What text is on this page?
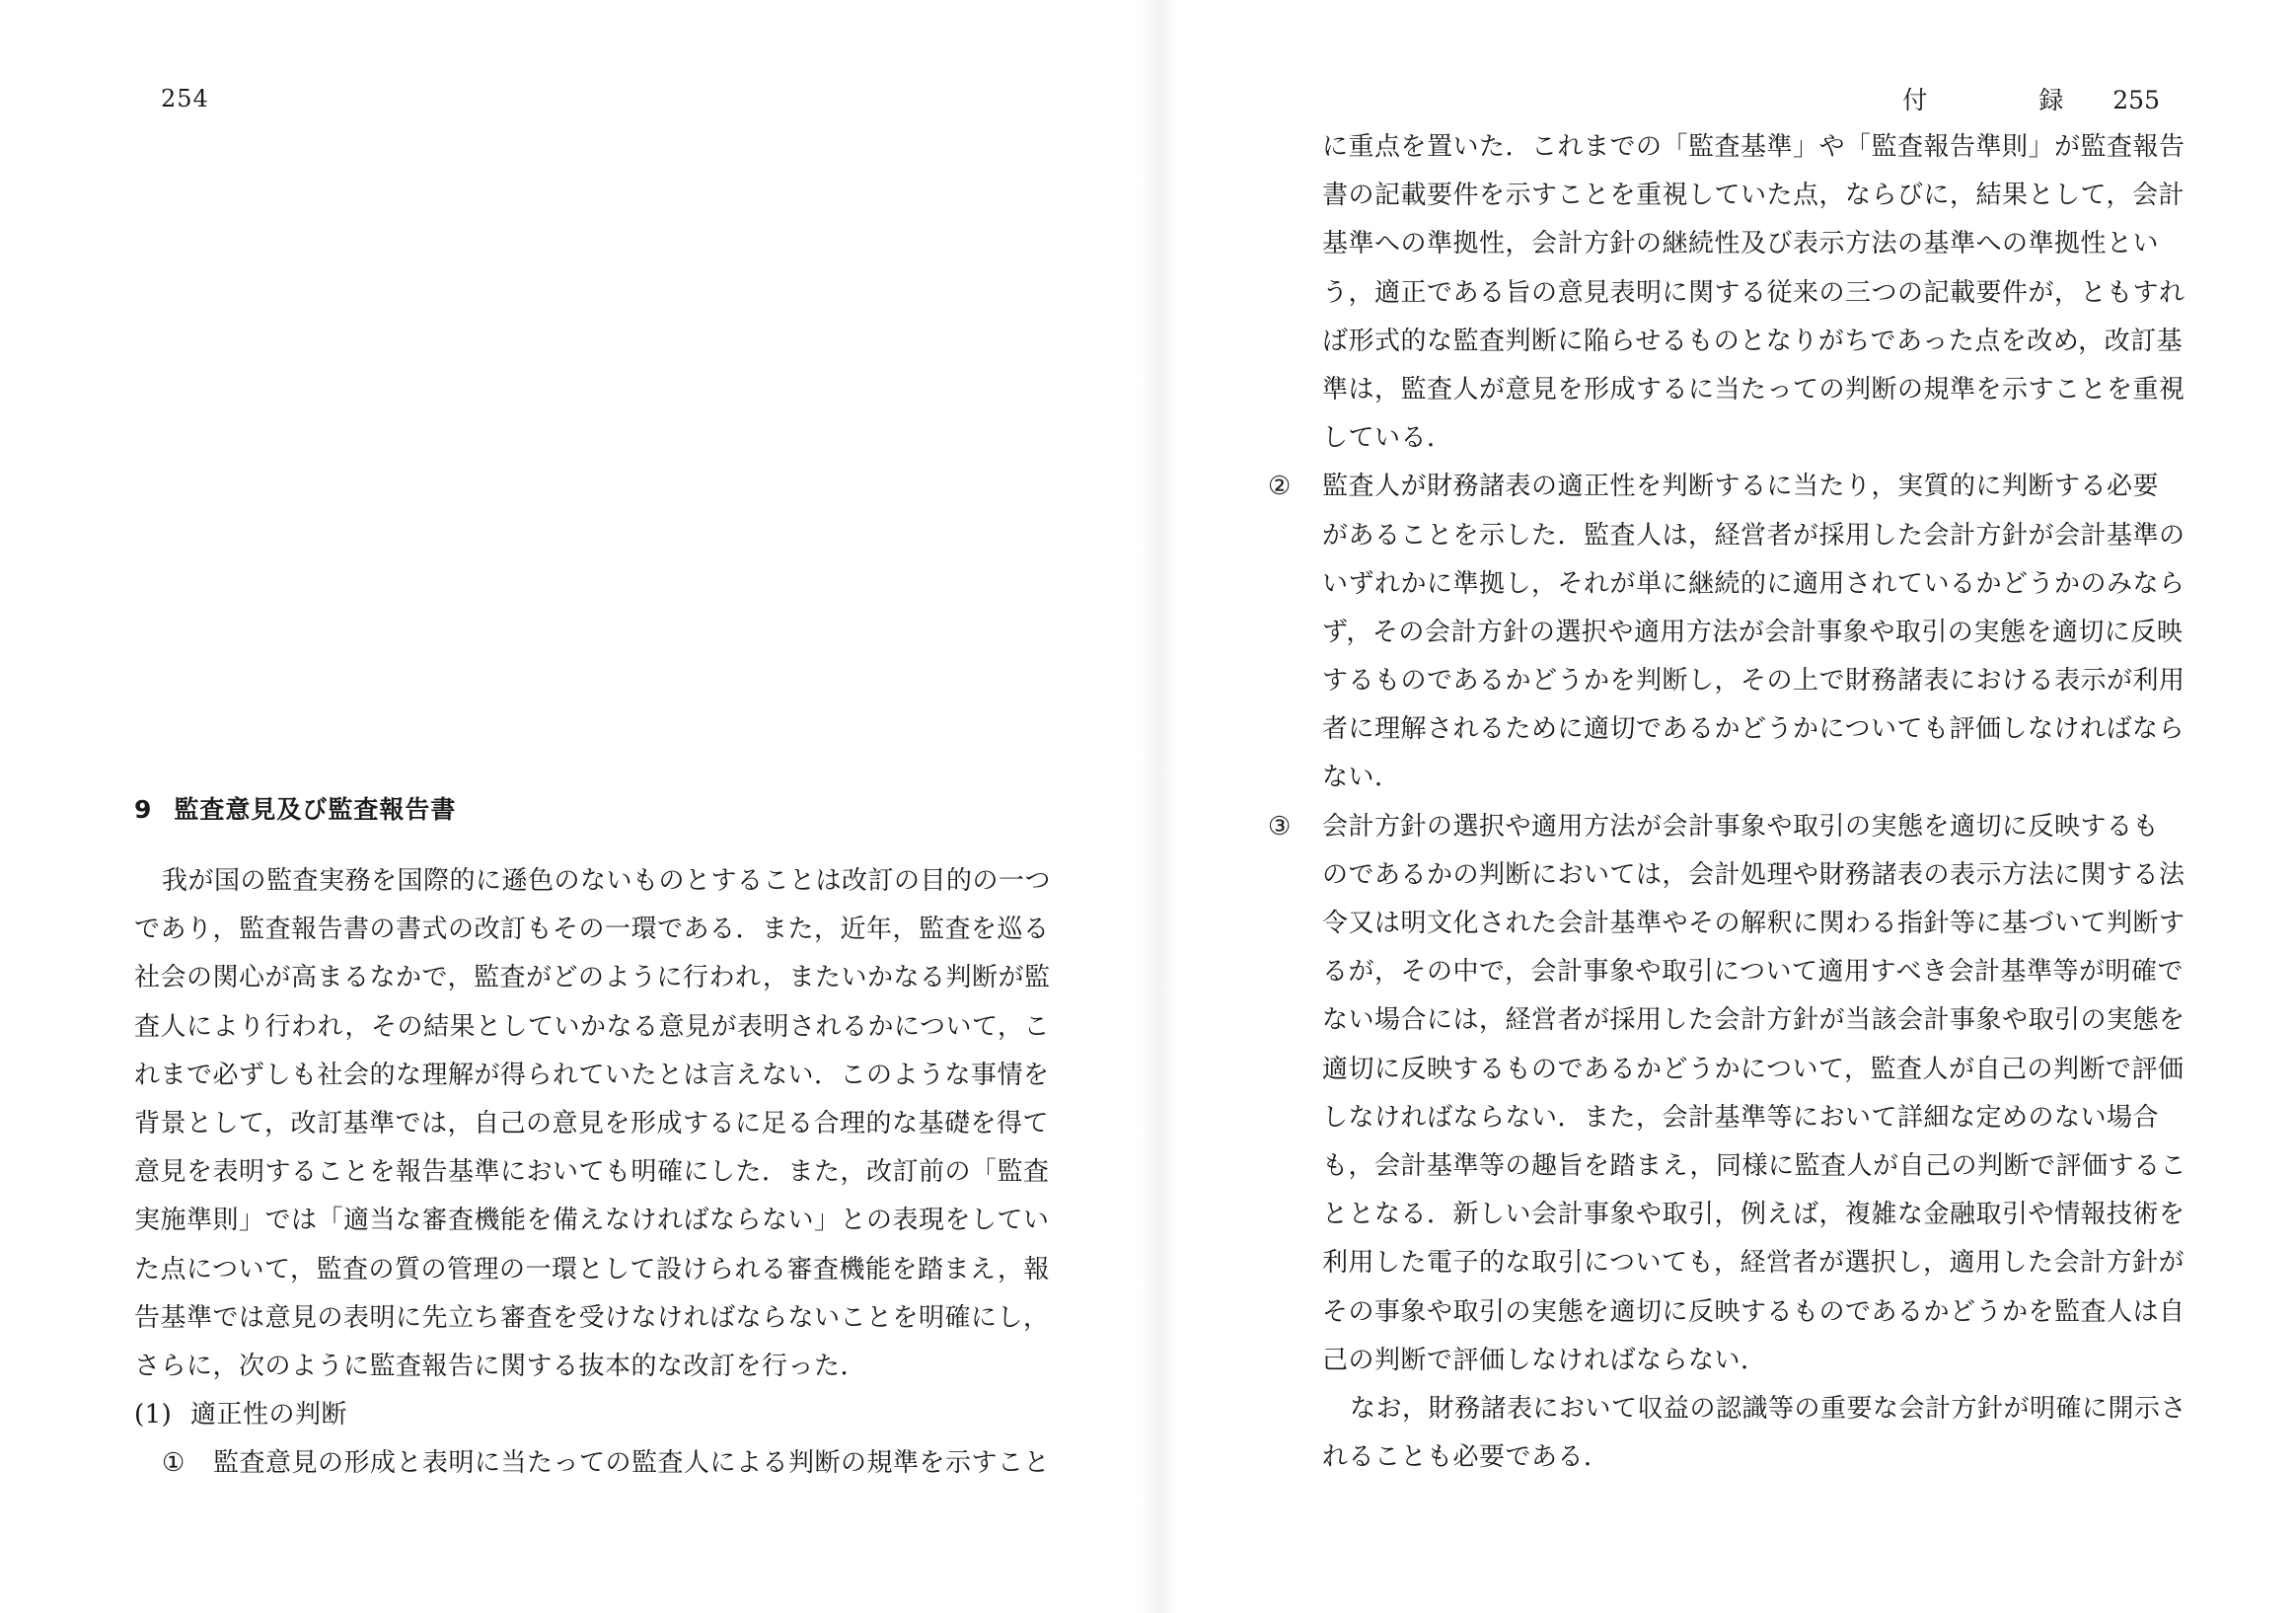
254
9 監査意見及び監査報告書
我が国の監査実務を国際的に遜色のないものとすることは改訂の目的の一つ
であり，監査報告書の書式の改訂もその一環である．また，近年，監査を巡る
社会の関心が高まるなかで，監査がどのように行われ，またいかなる判断が監
査人により行われ，その結果としていかなる意見が表明されるかについて，こ
れまで必ずしも社会的な理解が得られていたとは言えない．このような事情を
背景として，改訂基準では，自己の意見を形成するに足る合理的な基礎を得て
意見を表明することを報告基準においても明確にした．また，改訂前の「監査
実施準則」では「適当な審査機能を備えなければならない」との表現をしてい
た点について，監査の質の管理の一環として設けられる審査機能を踏まえ，報
告基準では意見の表明に先立ち審査を受けなければならないことを明確にし，
さらに，次のように監査報告に関する抜本的な改訂を行った．
(1) 適正性の判断
① 監査意見の形成と表明に当たっての監査人による判断の規準を示すこと
付　録 255
に重点を置いた．これまでの「監査基準」や「監査報告準則」が監査報告
書の記載要件を示すことを重視していた点，ならびに，結果として，会計
基準への準拠性，会計方針の継続性及び表示方法の基準への準拠性とい
う，適正である旨の意見表明に関する従来の三つの記載要件が，ともすれ
ば形式的な監査判断に陥らせるものとなりがちであった点を改め，改訂基
準は，監査人が意見を形成するに当たっての判断の規準を示すことを重視
している．
② 監査人が財務諸表の適正性を判断するに当たり，実質的に判断する必要
があることを示した．監査人は，経営者が採用した会計方針が会計基準の
いずれかに準拠し，それが単に継続的に適用されているかどうかのみなら
ず，その会計方針の選択や適用方法が会計事象や取引の実態を適切に反映
するものであるかどうかを判断し，その上で財務諸表における表示が利用
者に理解されるために適切であるかどうかについても評価しなければなら
ない．
③ 会計方針の選択や適用方法が会計事象や取引の実態を適切に反映するも
のであるかの判断においては，会計処理や財務諸表の表示方法に関する法
令又は明文化された会計基準やその解釈に関わる指針等に基づいて判断す
るが，その中で，会計事象や取引について適用すべき会計基準等が明確で
ない場合には，経営者が採用した会計方針が当該会計事象や取引の実態を
適切に反映するものであるかどうかについて，監査人が自己の判断で評価
しなければならない．また，会計基準等において詳細な定めのない場合
も，会計基準等の趣旨を踏まえ，同様に監査人が自己の判断で評価するこ
ととなる．新しい会計事象や取引，例えば，複雑な金融取引や情報技術を
利用した電子的な取引についても，経営者が選択し，適用した会計方針が
その事象や取引の実態を適切に反映するものであるかどうかを監査人は自
己の判断で評価しなければならない．
なお，財務諸表において収益の認識等の重要な会計方針が明確に開示さ
れることも必要である．
